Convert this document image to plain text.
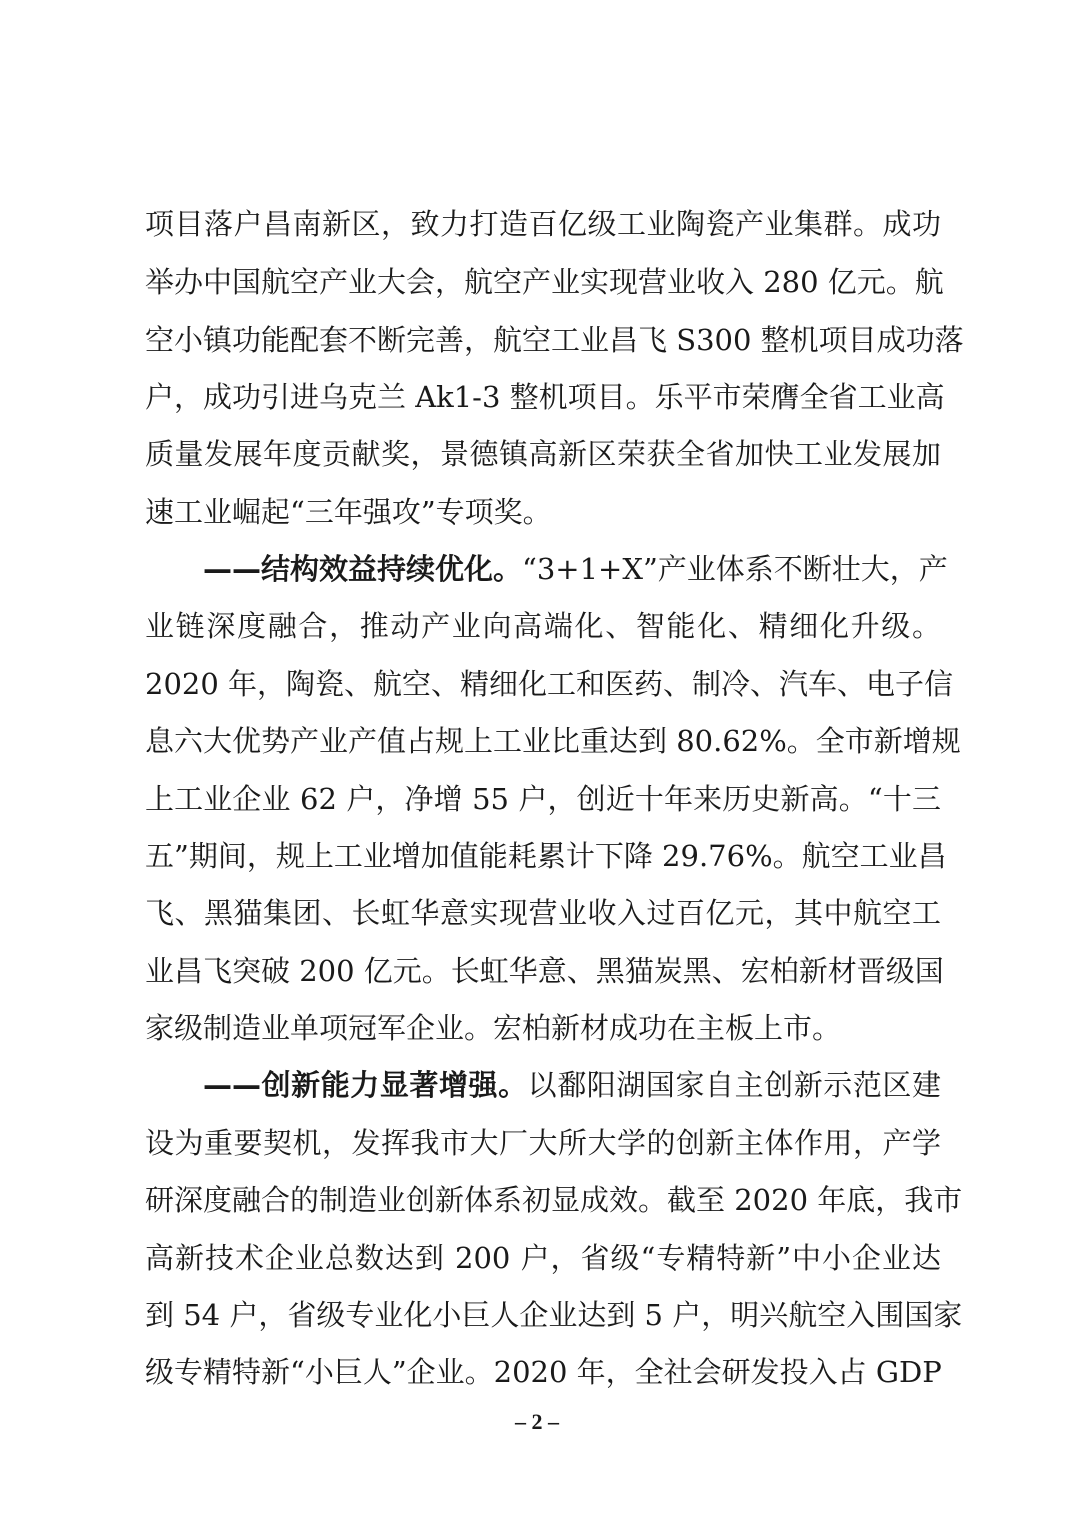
项目落户昌南新区，致力打造百亿级工业陶瓷产业集群。成功
举办中国航空产业大会，航空产业实现营业收入 280 亿元。航
空小镇功能配套不断完善，航空工业昌飞 S300 整机项目成功落
户，成功引进乌克兰 Ak1-3 整机项目。乐平市荣膺全省工业高
质量发展年度贡献奖，景德镇高新区荣获全省加快工业发展加
速工业崛起“三年强攻”专项奖。
——结构效益持续优化。“3+1+X”产业体系不断壮大，产
业链深度融合，推动产业向高端化、智能化、精细化升级。
2020 年，陶瓷、航空、精细化工和医药、制冷、汽车、电子信
息六大优势产业产值占规上工业比重达到 80.62%。全市新增规
上工业企业 62 户，净增 55 户，创近十年来历史新高。“十三
五”期间，规上工业增加值能耗累计下降 29.76%。航空工业昌
飞、黑猫集团、长虹华意实现营业收入过百亿元，其中航空工
业昌飞突破 200 亿元。长虹华意、黑猫炭黑、宏柏新材晋级国
家级制造业单项冠军企业。宏柏新材成功在主板上市。
——创新能力显著增强。以鄱阳湖国家自主创新示范区建
设为重要契机，发挥我市大厂大所大学的创新主体作用，产学
研深度融合的制造业创新体系初显成效。截至 2020 年底，我市
高新技术企业总数达到 200 户，省级“专精特新”中小企业达
到 54 户，省级专业化小巨人企业达到 5 户，明兴航空入围国家
级专精特新“小巨人”企业。2020 年，全社会研发投入占 GDP
– 2 –
